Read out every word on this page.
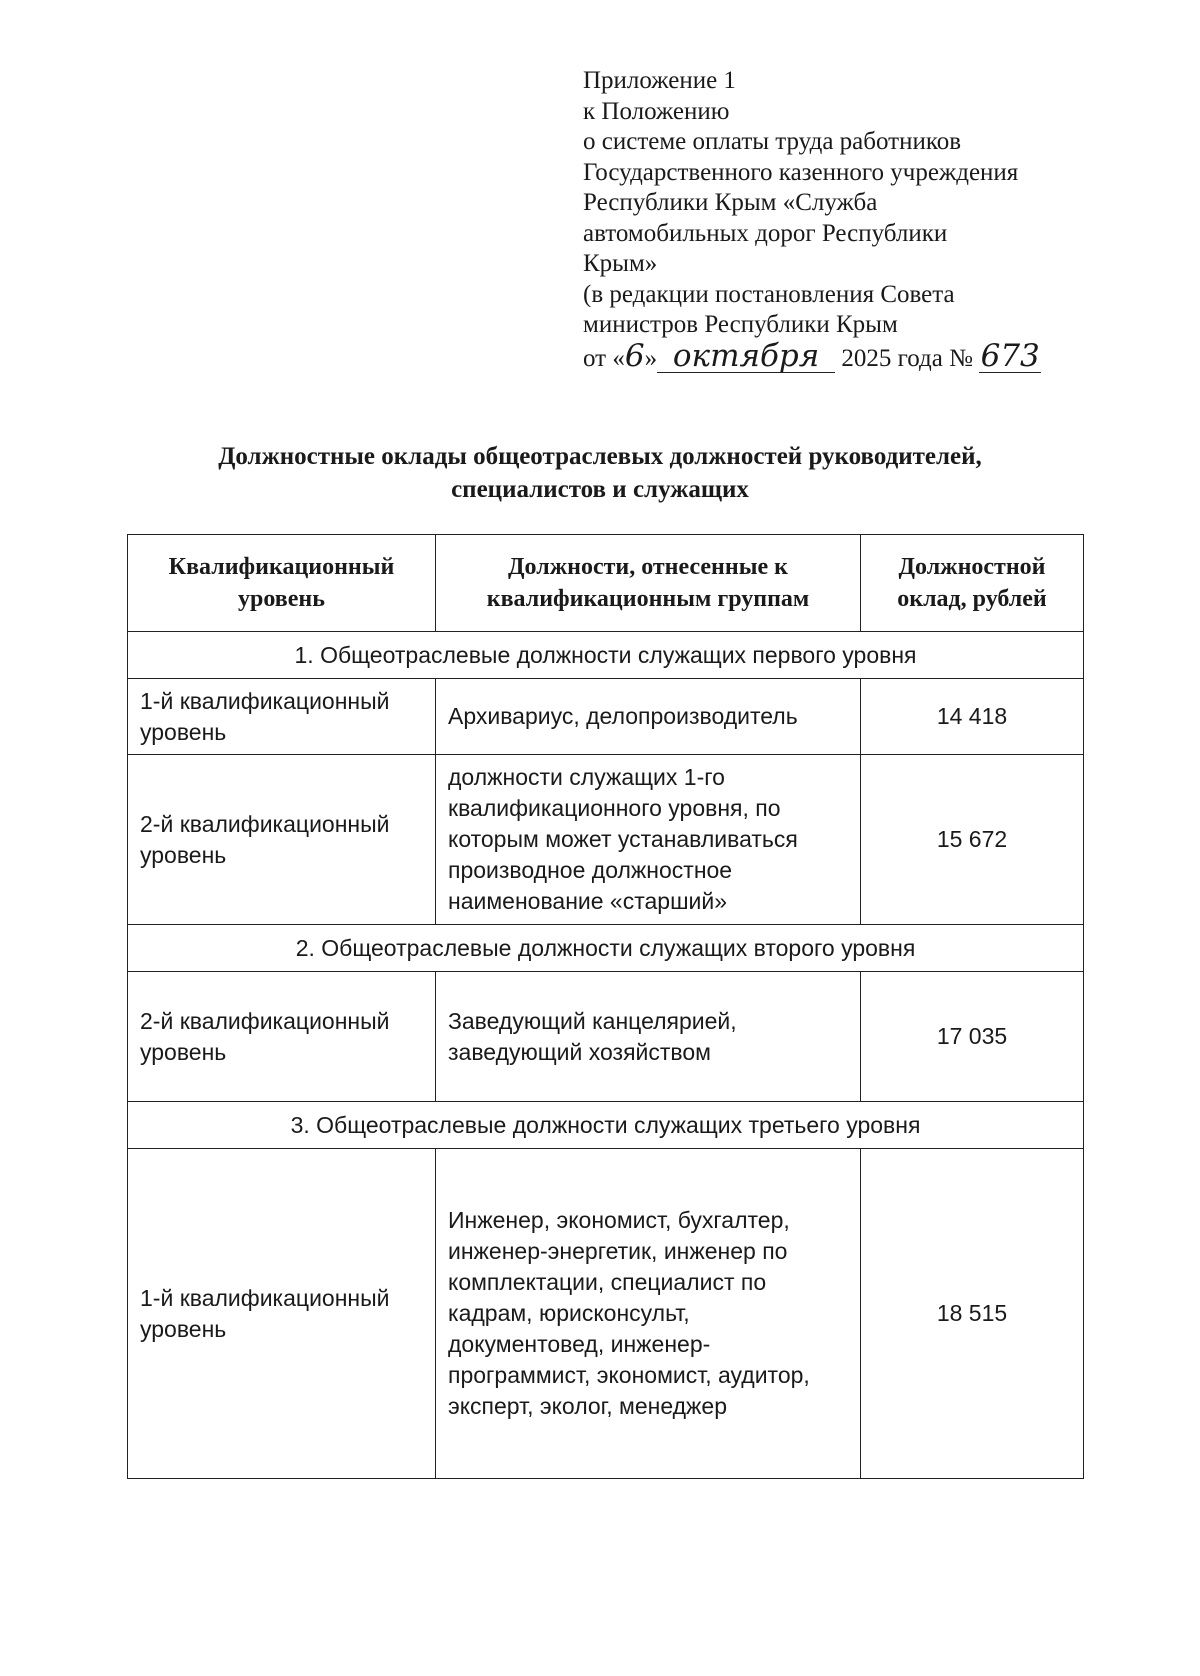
Приложение 1
к Положению
о системе оплаты труда работников
Государственного казенного учреждения
Республики Крым «Служба
автомобильных дорог Республики
Крым»
(в редакции постановления Совета
министров Республики Крым
от «6» октября 2025 года № 673
Должностные оклады общеотраслевых должностей руководителей,
специалистов и служащих
Квалификационный уровень	Должности, отнесенные к квалификационным группам	Должностной оклад, рублей
1. Общеотраслевые должности служащих первого уровня		
1-й квалификационный уровень	Архивариус, делопроизводитель	14 418
2-й квалификационный уровень	должности служащих 1-го квалификационного уровня, по которым может устанавливаться производное должностное наименование «старший»	15 672
2. Общеотраслевые должности служащих второго уровня		
2-й квалификационный уровень	Заведующий канцелярией, заведующий хозяйством	17 035
3. Общеотраслевые должности служащих третьего уровня		
1-й квалификационный уровень	Инженер, экономист, бухгалтер, инженер-энергетик, инженер по комплектации, специалист по кадрам, юрисконсульт, документовед, инженер-программист, экономист, аудитор, эксперт, эколог, менеджер	18 515
